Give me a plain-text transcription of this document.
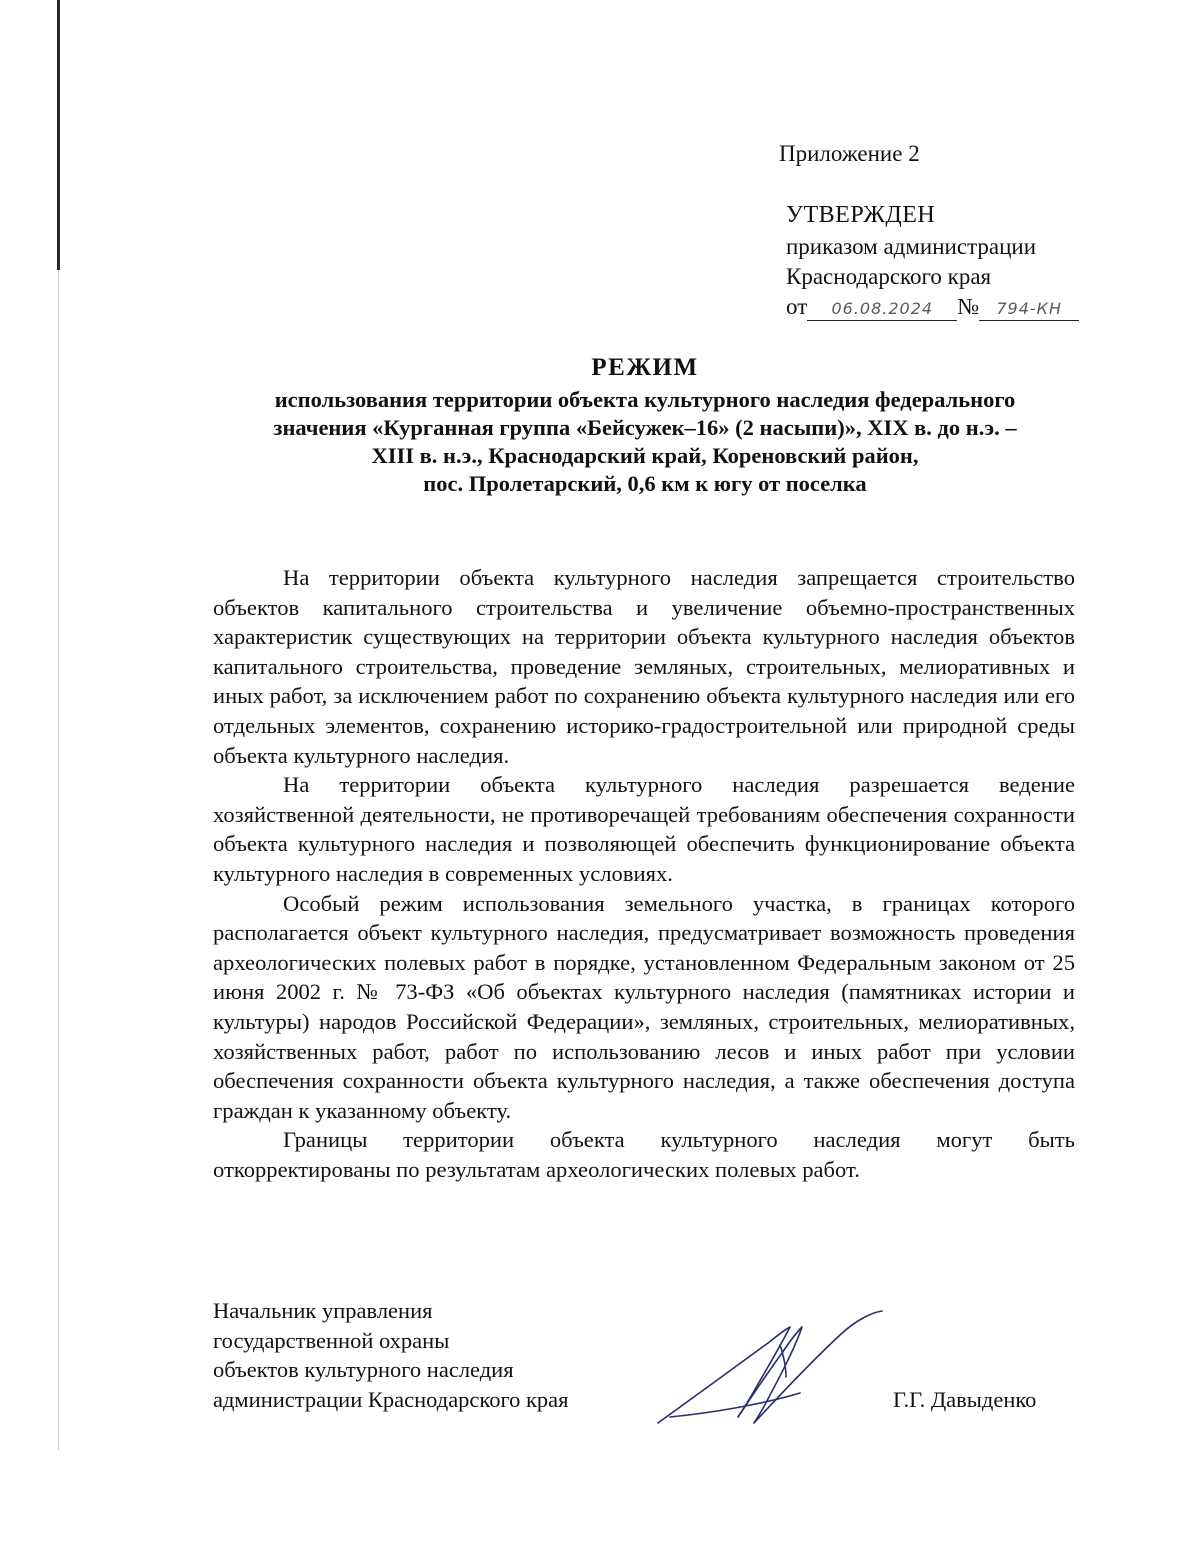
Приложение 2
УТВЕРЖДЕН
приказом администрации
Краснодарского края
от 06.08.2024 № 794-КН
РЕЖИМ
использования территории объекта культурного наследия федерального
значения «Курганная группа «Бейсужек–16» (2 насыпи)», XIX в. до н.э. –
XIII в. н.э., Краснодарский край, Кореновский район,
пос. Пролетарский, 0,6 км к югу от поселка

На территории объекта культурного наследия запрещается строительство объектов капитального строительства и увеличение объемно-пространственных характеристик существующих на территории объекта культурного наследия объектов капитального строительства, проведение земляных, строительных, мелиоративных и иных работ, за исключением работ по сохранению объекта культурного наследия или его отдельных элементов, сохранению историко-градостроительной или природной среды объекта культурного наследия.

На территории объекта культурного наследия разрешается ведение хозяйственной деятельности, не противоречащей требованиям обеспечения сохранности объекта культурного наследия и позволяющей обеспечить функционирование объекта культурного наследия в современных условиях.

Особый режим использования земельного участка, в границах которого располагается объект культурного наследия, предусматривает возможность проведения археологических полевых работ в порядке, установленном Федеральным законом от 25 июня 2002 г. № 73-ФЗ «Об объектах культурного наследия (памятниках истории и культуры) народов Российской Федерации», земляных, строительных, мелиоративных, хозяйственных работ, работ по использованию лесов и иных работ при условии обеспечения сохранности объекта культурного наследия, а также обеспечения доступа граждан к указанному объекту.

Границы территории объекта культурного наследия могут быть откорректированы по результатам археологических полевых работ.

Начальник управления
государственной охраны
объектов культурного наследия
администрации Краснодарского края	Г.Г. Давыденко
